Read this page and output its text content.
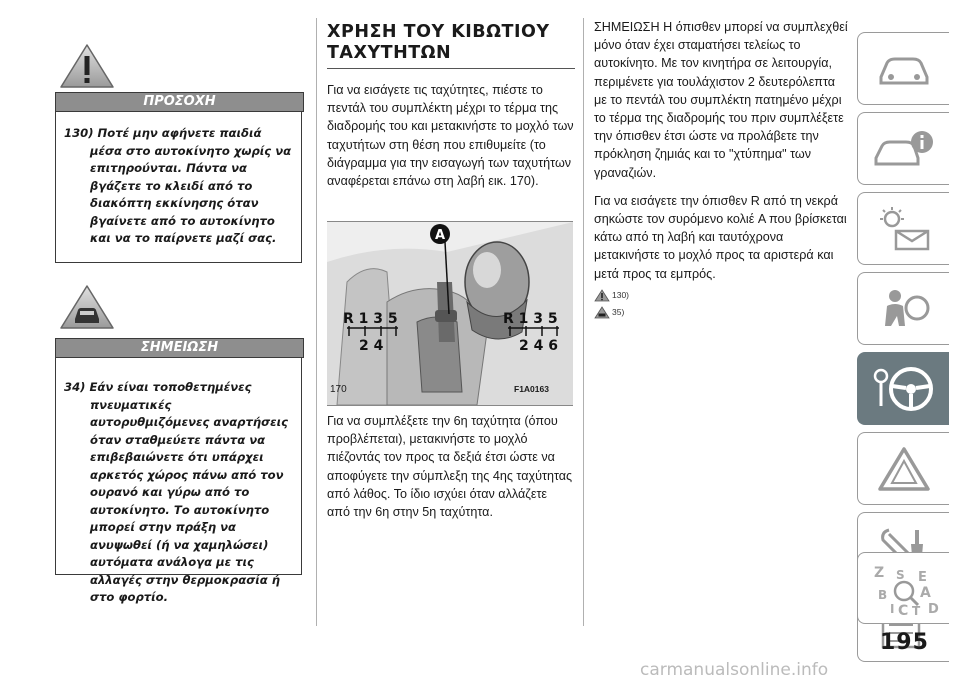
ΠΡΟΣΟΧΗ

130) Ποτέ μην αφήνετε παιδιά μέσα στο αυτοκίνητο χωρίς να επιτηρούνται. Πάντα να βγάζετε το κλειδί από το διακόπτη εκκίνησης όταν βγαίνετε από το αυτοκίνητο και να το παίρνετε μαζί σας.

ΣΗΜΕΙΩΣΗ

34) Εάν είναι τοποθετημένες πνευματικές αυτορυθμιζόμενες αναρτήσεις όταν σταθμεύετε πάντα να επιβεβαιώνετε ότι υπάρχει αρκετός χώρος πάνω από τον ουρανό και γύρω από το αυτοκίνητο. Το αυτοκίνητο μπορεί στην πράξη να ανυψωθεί (ή να χαμηλώσει) αυτόματα ανάλογα με τις αλλαγές στην θερμοκρασία ή στο φορτίο.

ΧΡΗΣΗ ΤΟΥ ΚΙΒΩΤΙΟΥ
ΤΑΧΥΤΗΤΩΝ

Για να εισάγετε τις ταχύτητες, πιέστε το πεντάλ του συμπλέκτη μέχρι το τέρμα της διαδρομής του και μετακινήστε το μοχλό των ταχυτήτων στη θέση που επιθυμείτε (το διάγραμμα για την εισαγωγή των ταχυτήτων αναφέρεται επάνω στη λαβή εικ. 170).

A
R 1 3 5
2 4
R 1 3 5
2 4 6
170	F1A0163

Για να συμπλέξετε την 6η ταχύτητα (όπου προβλέπεται), μετακινήστε το μοχλό πιέζοντάς τον προς τα δεξιά έτσι ώστε να αποφύγετε την σύμπλεξη της 4ης ταχύτητας από λάθος. Το ίδιο ισχύει όταν αλλάζετε από την 6η στην 5η ταχύτητα.

ΣΗΜΕΙΩΣΗ Η όπισθεν μπορεί να συμπλεχθεί μόνο όταν έχει σταματήσει τελείως το αυτοκίνητο. Με τον κινητήρα σε λειτουργία, περιμένετε για τουλάχιστον 2 δευτερόλεπτα με το πεντάλ του συμπλέκτη πατημένο μέχρι το τέρμα της διαδρομής του πριν συμπλέξετε την όπισθεν έτσι ώστε να προλάβετε την πρόκληση ζημιάς και το "χτύπημα" των γραναζιών.

Για να εισάγετε την όπισθεν R από τη νεκρά σηκώστε τον συρόμενο κολιέ A που βρίσκεται κάτω από τη λαβή και ταυτόχρονα μετακινήστε το μοχλό προς τα αριστερά και μετά προς τα εμπρός.

130)
35)
Z S E
A
B
I C T D
195
carmanualsonline.info
